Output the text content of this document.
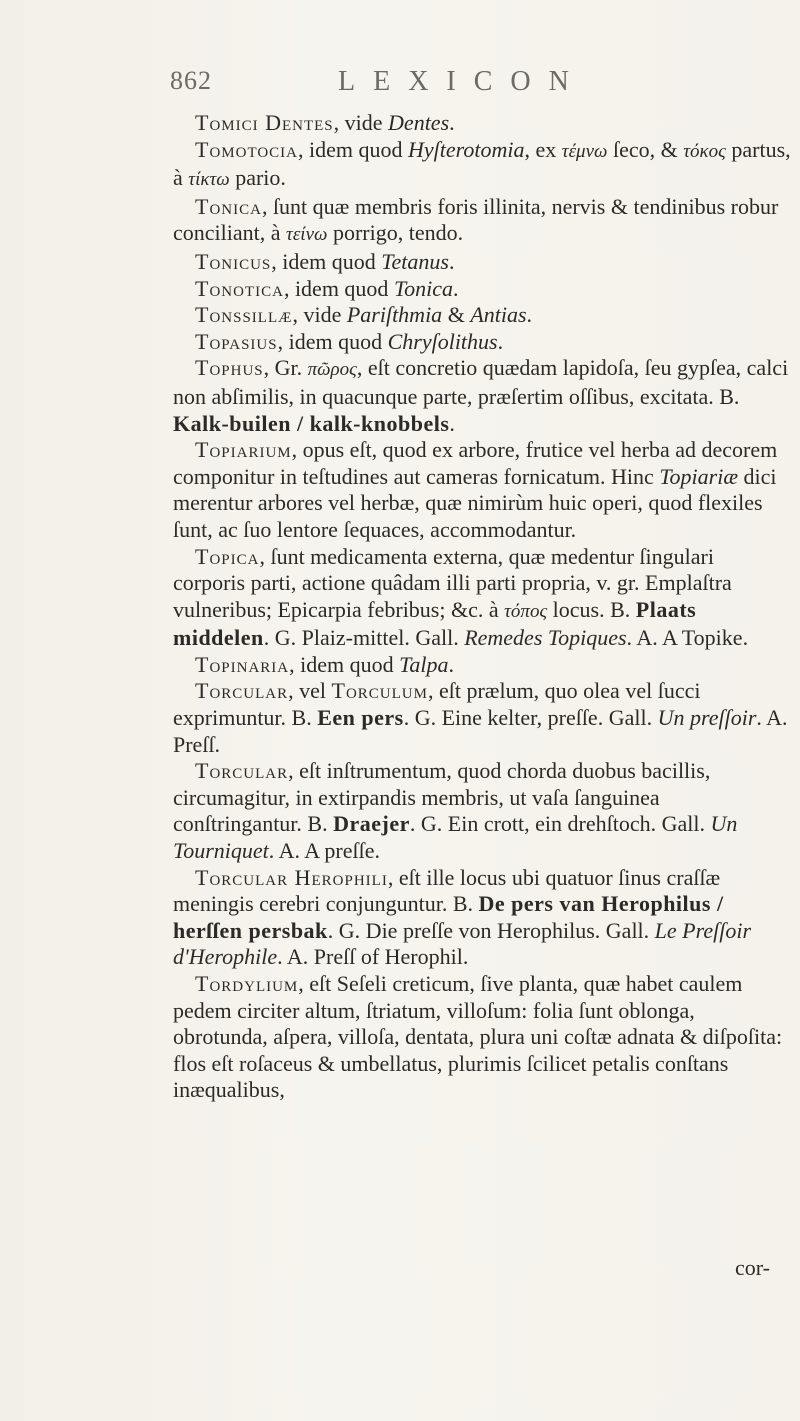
862	LEXICON

Tomici Dentes, vide Dentes.

Tomotocia, idem quod Hyſterotomia, ex τέμνω ſeco, & τόκος partus, à τίκτω pario.

Tonica, ſunt quæ membris foris illinita, nervis & tendinibus robur conciliant, à τείνω porrigo, tendo.

Tonicus, idem quod Tetanus.

Tonotica, idem quod Tonica.

Tonssillæ, vide Pariſthmia & Antias.

Topasius, idem quod Chryſolithus.

Tophus, Gr. πῶρος, eſt concretio quædam lapidoſa, ſeu gypſea, calci non abſimilis, in quacunque parte, præſertim oſſibus, excitata. B. Kalk-builen / kalk-knobbels.

Topiarium, opus eſt, quod ex arbore, frutice vel herba ad decorem componitur in teſtudines aut cameras fornicatum. Hinc Topiariæ dici merentur arbores vel herbæ, quæ nimirùm huic operi, quod flexiles ſunt, ac ſuo lentore ſequaces, accommodantur.

Topica, ſunt medicamenta externa, quæ medentur ſingulari corporis parti, actione quâdam illi parti propria, v. gr. Emplaſtra vulneribus; Epicarpia febribus; &c. à τόπος locus. B. Plaats middelen. G. Plaiz-mittel. Gall. Remedes Topiques. A. A Topike.

Topinaria, idem quod Talpa.

Torcular, vel Torculum, eſt prælum, quo olea vel ſucci exprimuntur. B. Een pers. G. Eine kelter, preſſe. Gall. Un preſſoir. A. Preſſ.

Torcular, eſt inſtrumentum, quod chorda duobus bacillis, circumagitur, in extirpandis membris, ut vaſa ſanguinea conſtringantur. B. Draejer. G. Ein crott, ein drehſtoch. Gall. Un Tourniquet. A. A preſſe.

Torcular Herophili, eſt ille locus ubi quatuor ſinus craſſæ meningis cerebri conjunguntur. B. De pers van Herophilus / herſſen persbak. G. Die preſſe von Herophilus. Gall. Le Preſſoir d'Herophile. A. Preſſ of Herophil.

Tordylium, eſt Seſeli creticum, ſive planta, quæ habet caulem pedem circiter altum, ſtriatum, villoſum: folia ſunt oblonga, obrotunda, aſpera, villoſa, dentata, plura uni coſtæ adnata & diſpoſita: flos eſt roſaceus & umbellatus, plurimis ſcilicet petalis conſtans inæqualibus,

cor-
